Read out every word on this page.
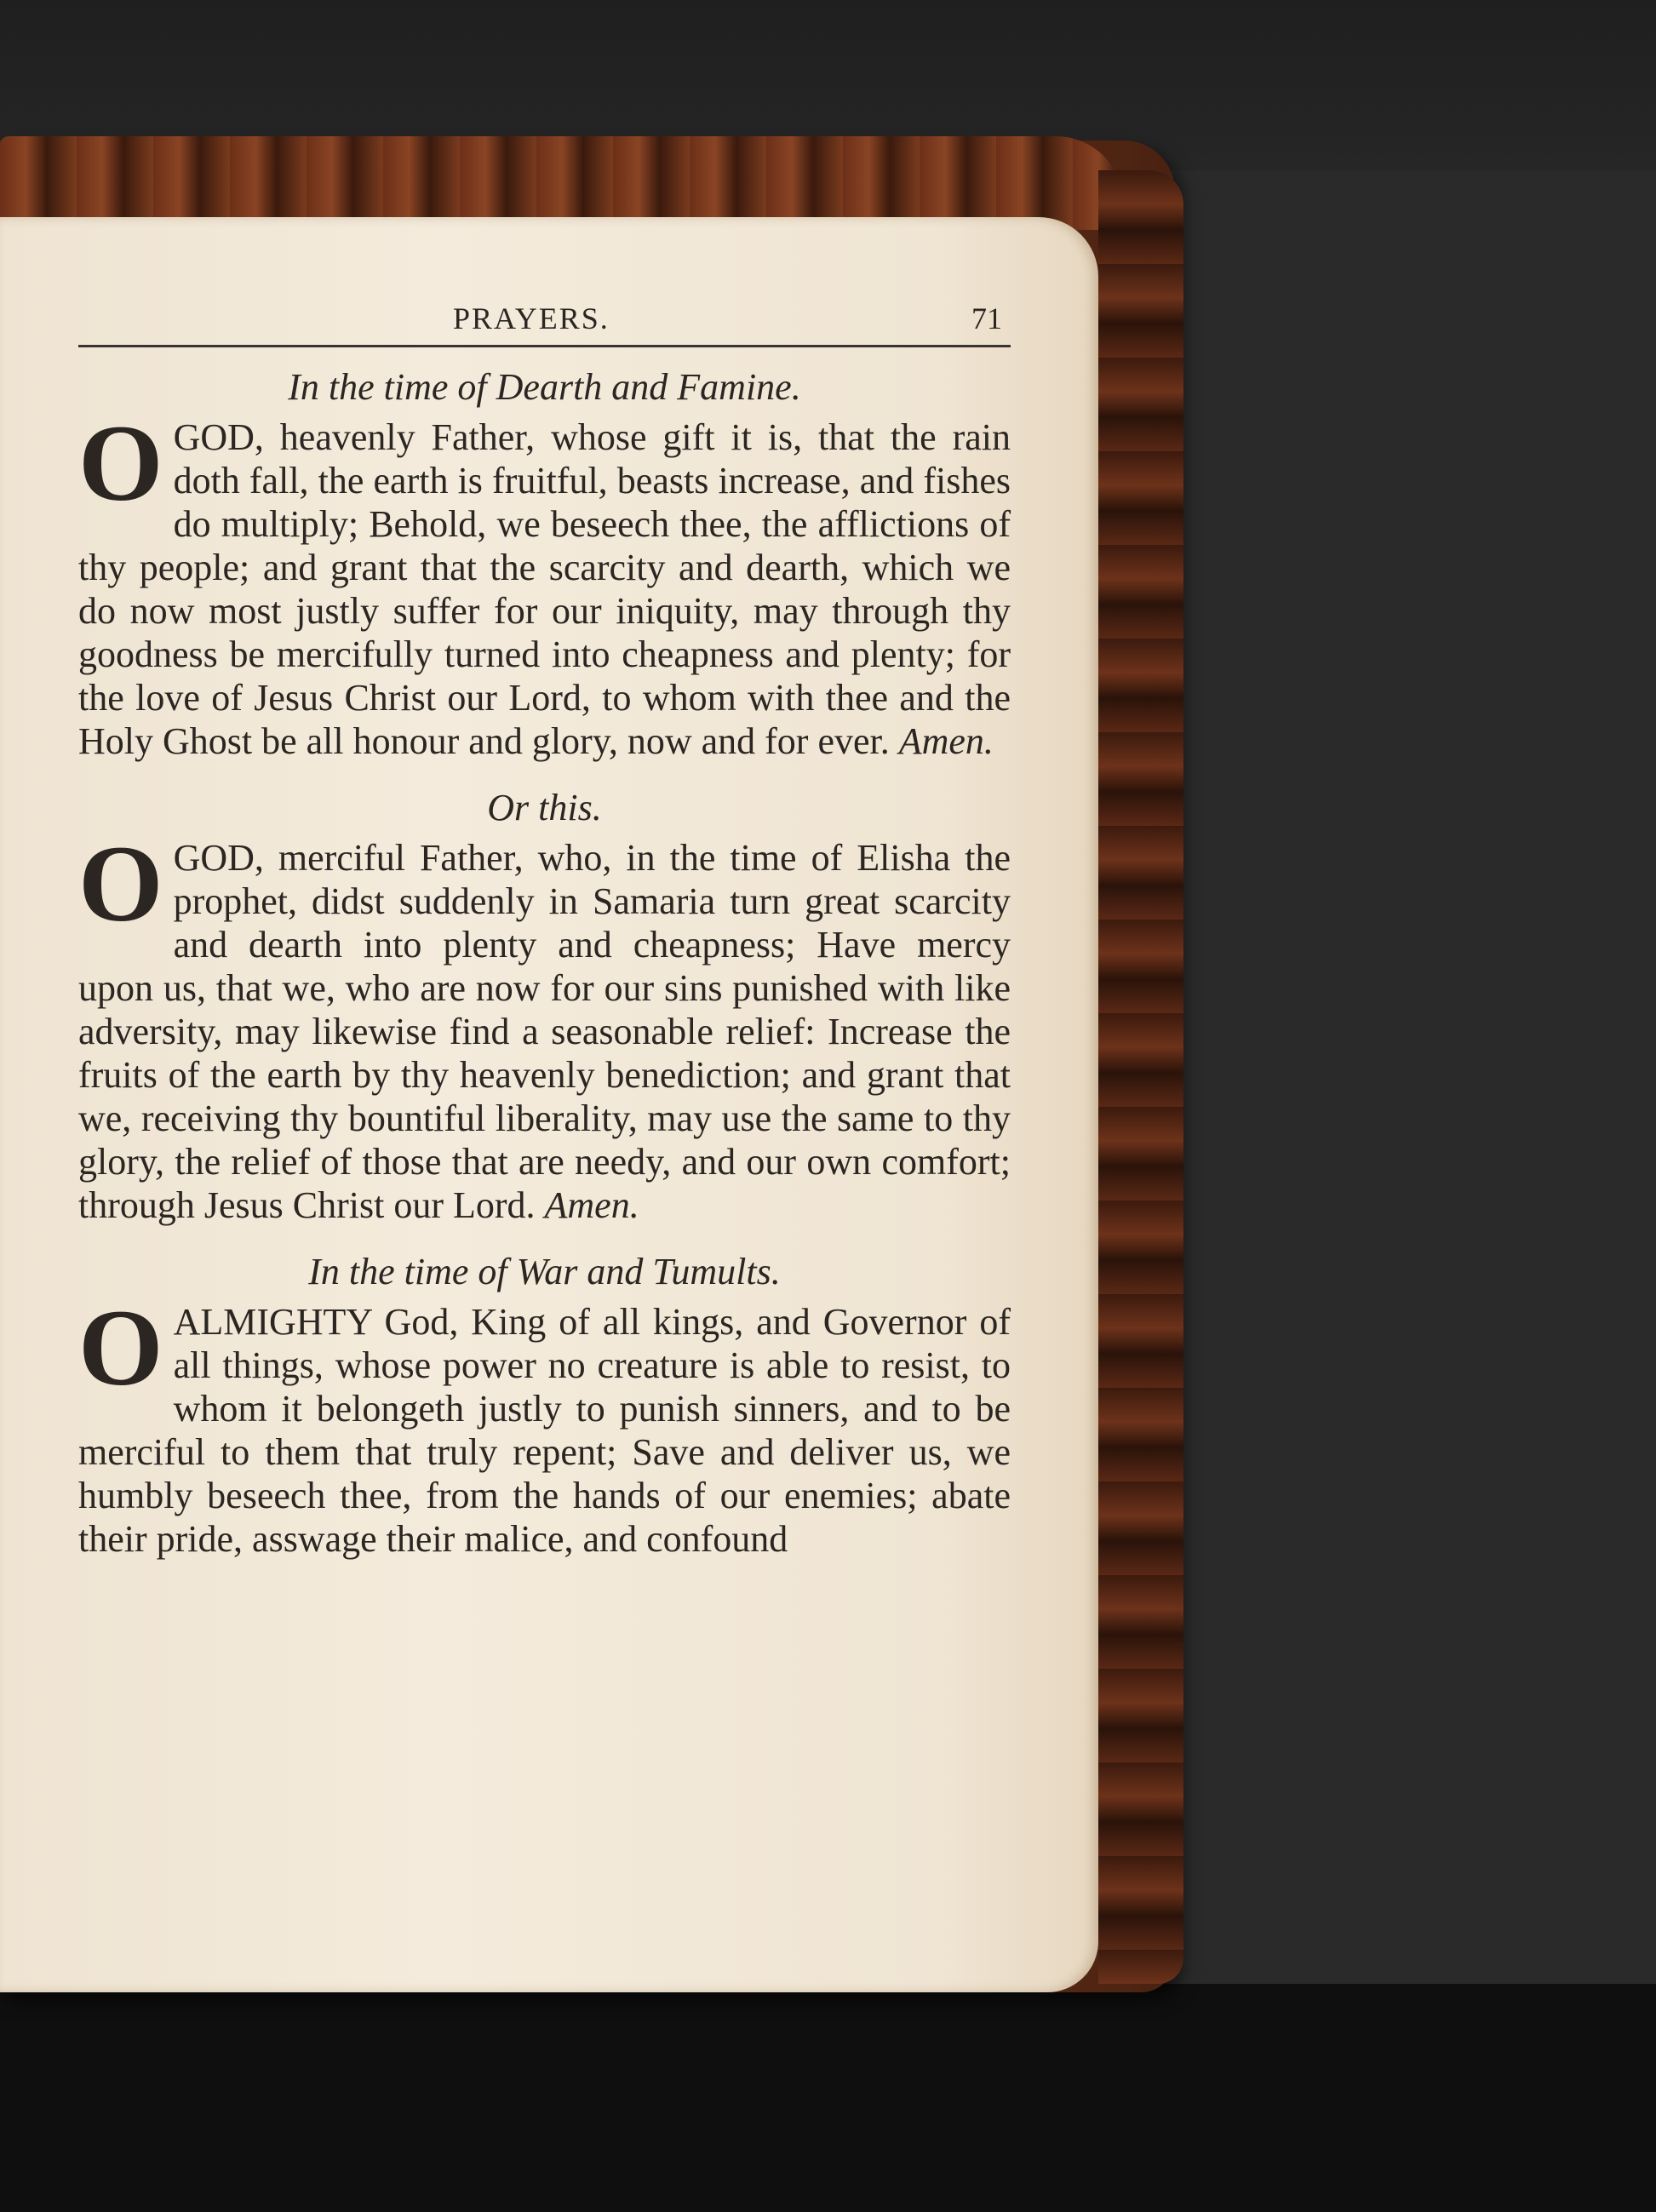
PRAYERS.	71
In the time of Dearth and Famine.

OGOD, heavenly Father, whose gift it is, that the rain doth fall, the earth is fruitful, beasts increase, and fishes do multiply; Behold, we beseech thee, the afflictions of thy people; and grant that the scarcity and dearth, which we do now most justly suffer for our iniquity, may through thy goodness be mercifully turned into cheapness and plenty; for the love of Jesus Christ our Lord, to whom with thee and the Holy Ghost be all honour and glory, now and for ever. Amen.

Or this.

OGOD, merciful Father, who, in the time of Elisha the prophet, didst suddenly in Samaria turn great scarcity and dearth into plenty and cheapness; Have mercy upon us, that we, who are now for our sins punished with like adversity, may likewise find a seasonable relief: Increase the fruits of the earth by thy heavenly benediction; and grant that we, receiving thy bountiful liberality, may use the same to thy glory, the relief of those that are needy, and our own comfort; through Jesus Christ our Lord. Amen.

In the time of War and Tumults.

OALMIGHTY God, King of all kings, and Governor of all things, whose power no creature is able to resist, to whom it belongeth justly to punish sinners, and to be merciful to them that truly repent; Save and deliver us, we humbly beseech thee, from the hands of our enemies; abate their pride, asswage their malice, and confound
